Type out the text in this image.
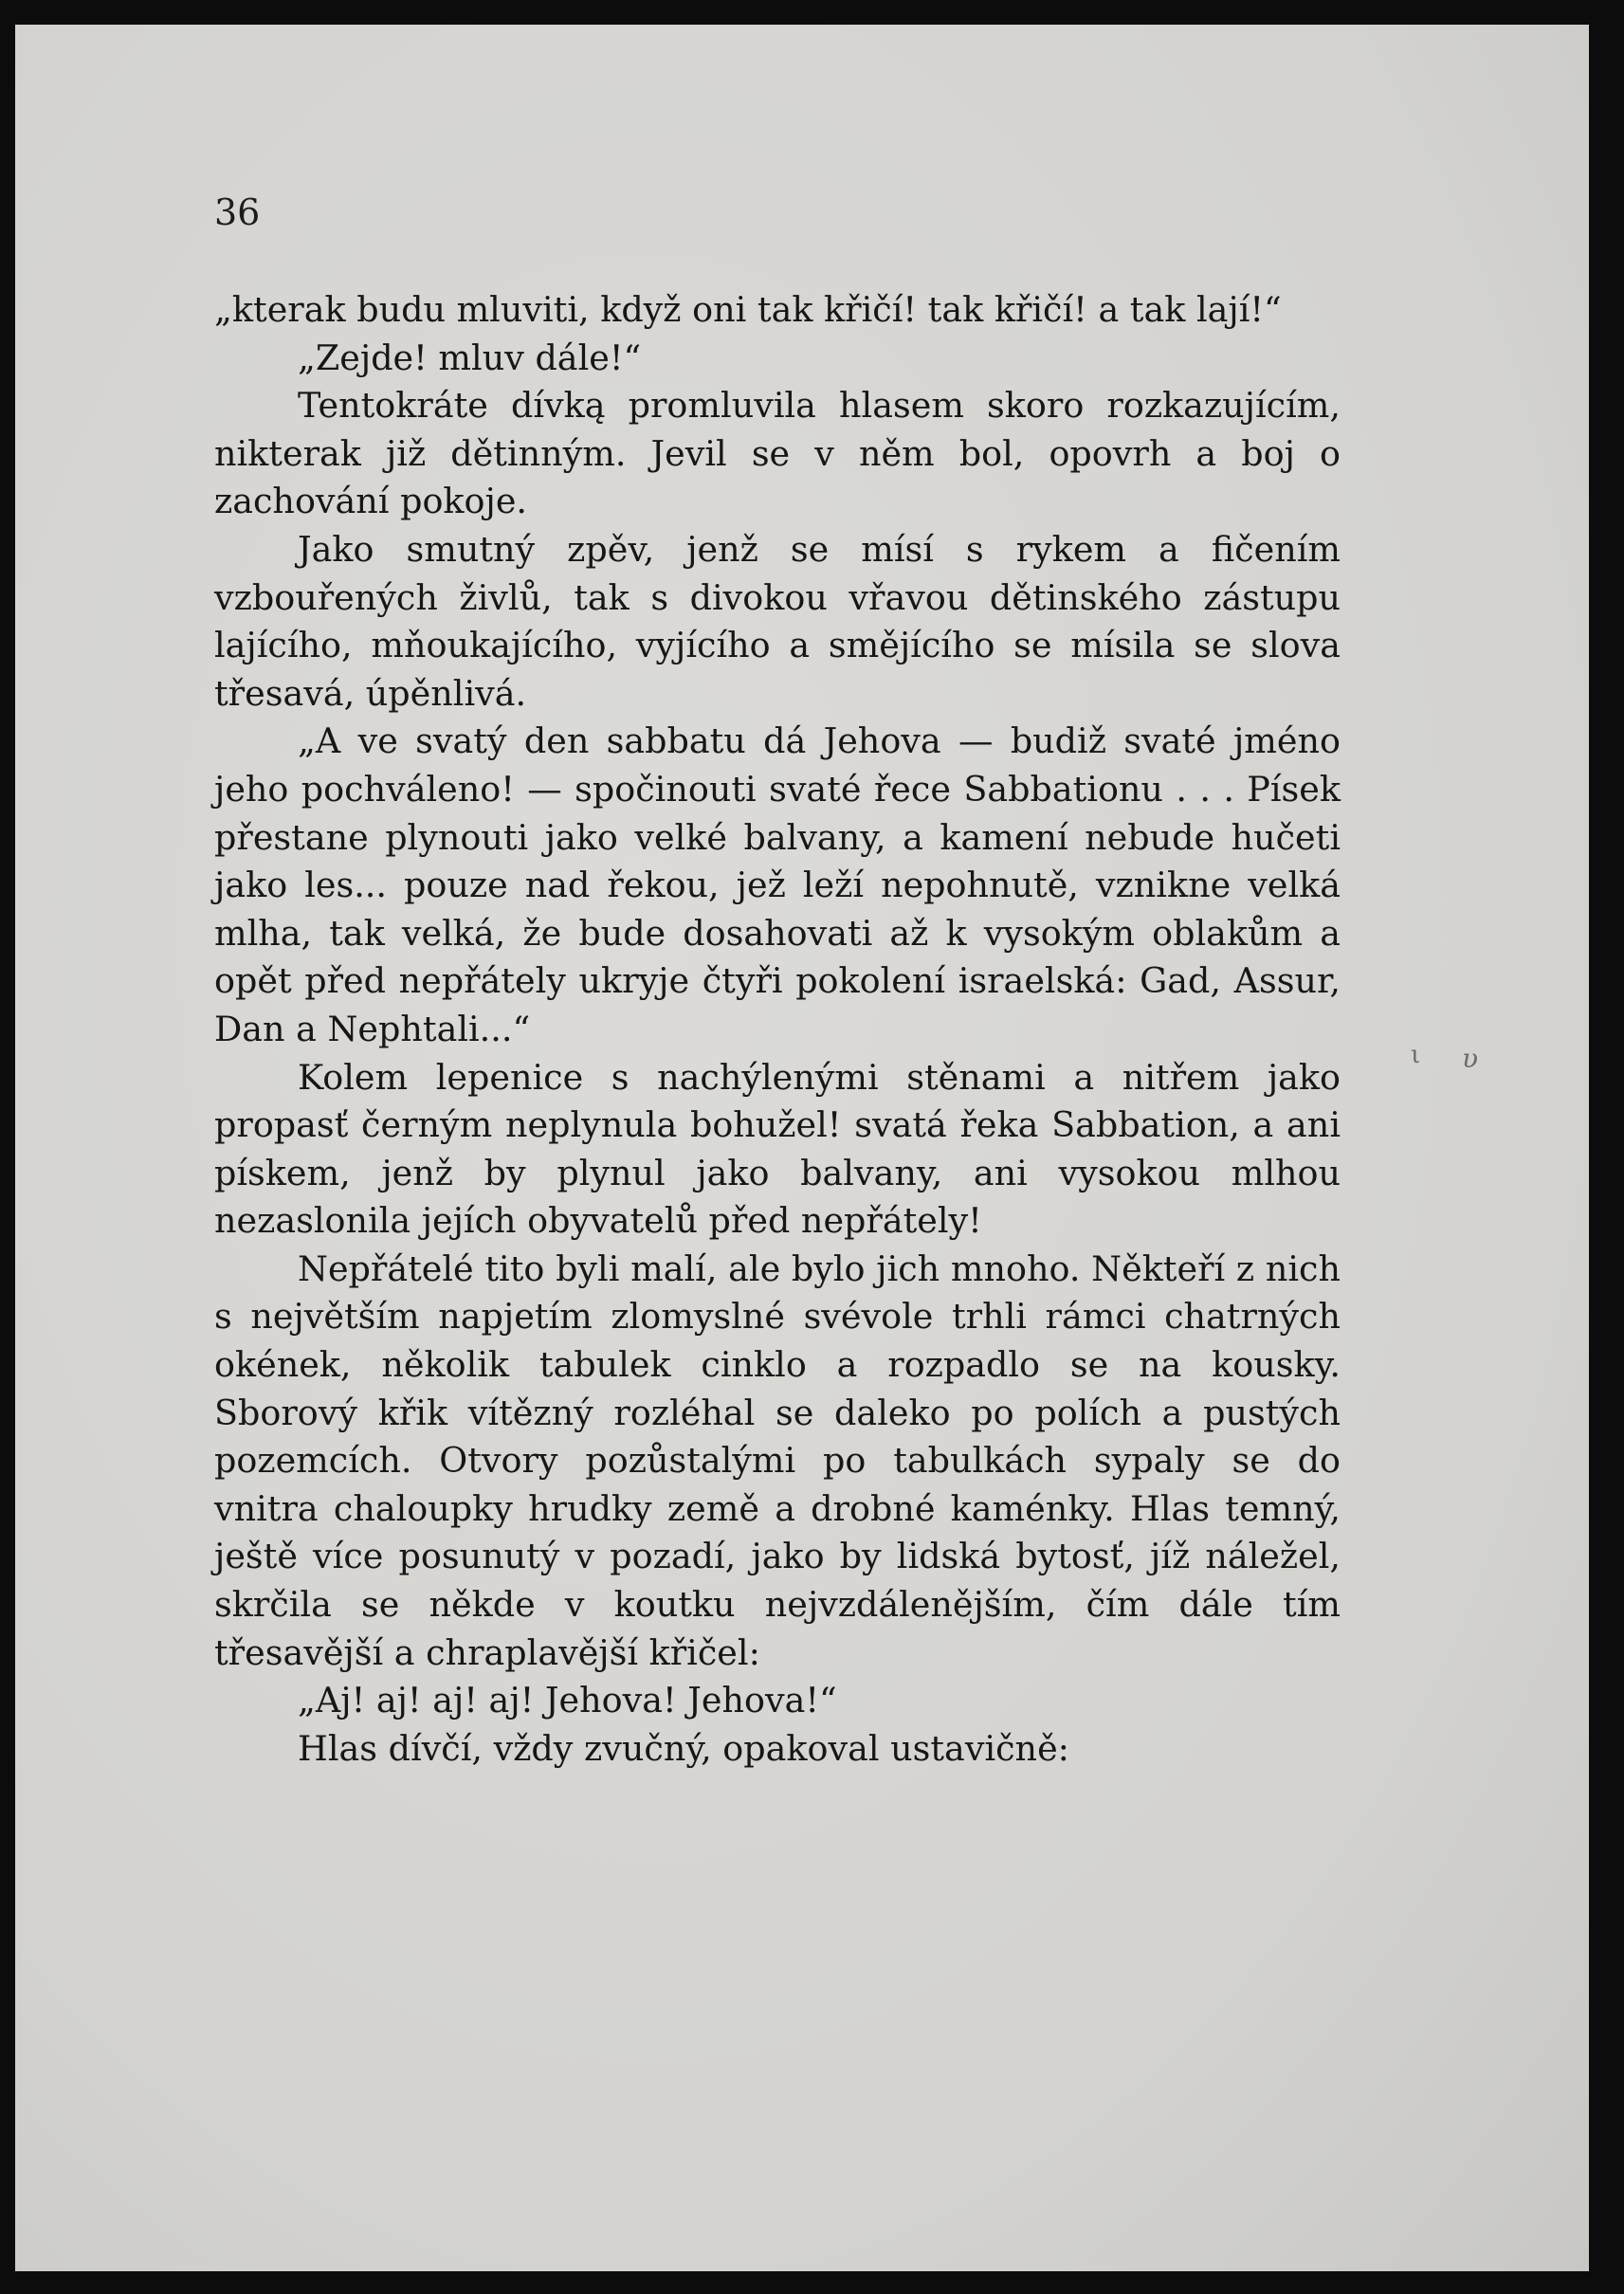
36

„kterak budu mluviti, když oni tak křičí! tak křičí! a tak lají!“

„Zejde! mluv dále!“

Tentokráte dívką promluvila hlasem skoro rozkazujícím, nikterak již dětinným. Jevil se v něm bol, opovrh a boj o zachování pokoje.

Jako smutný zpěv, jenž se mísí s rykem a fičením vzbouřených živlů, tak s divokou vřavou dětinského zástupu lajícího, mňoukajícího, vyjícího a smějícího se mísila se slova třesavá, úpěnlivá.

„A ve svatý den sabbatu dá Jehova — budiž svaté jméno jeho pochváleno! — spočinouti svaté řece Sabbationu . . . Písek přestane plynouti jako velké balvany, a kamení nebude hučeti jako les... pouze nad řekou, jež leží nepohnutě, vznikne velká mlha, tak velká, že bude dosahovati až k vysokým oblakům a opět před nepřátely ukryje čtyři pokolení israelská: Gad, Assur, Dan a Nephtali...“

Kolem lepenice s nachýlenými stěnami a nitřem jako propasť černým neplynula bohužel! svatá řeka Sabbation, a ani pískem, jenž by plynul jako balvany, ani vysokou mlhou nezaslonila jejích obyvatelů před nepřátely!

Nepřátelé tito byli malí, ale bylo jich mnoho. Někteří z nich s největším napjetím zlomyslné svévole trhli rámci chatrných okének, několik tabulek cinklo a rozpadlo se na kousky. Sborový křik vítězný rozléhal se daleko po polích a pustých pozemcích. Otvory pozůstalými po tabulkách sypaly se do vnitra chaloupky hrudky země a drobné kaménky. Hlas temný, ještě více posunutý v pozadí, jako by lidská bytosť, jíž náležel, skrčila se někde v koutku nejvzdálenějším, čím dále tím třesavější a chraplavější křičel:

„Aj! aj! aj! aj! Jehova! Jehova!“

Hlas dívčí, vždy zvučný, opakoval ustavičně:

ι υ
